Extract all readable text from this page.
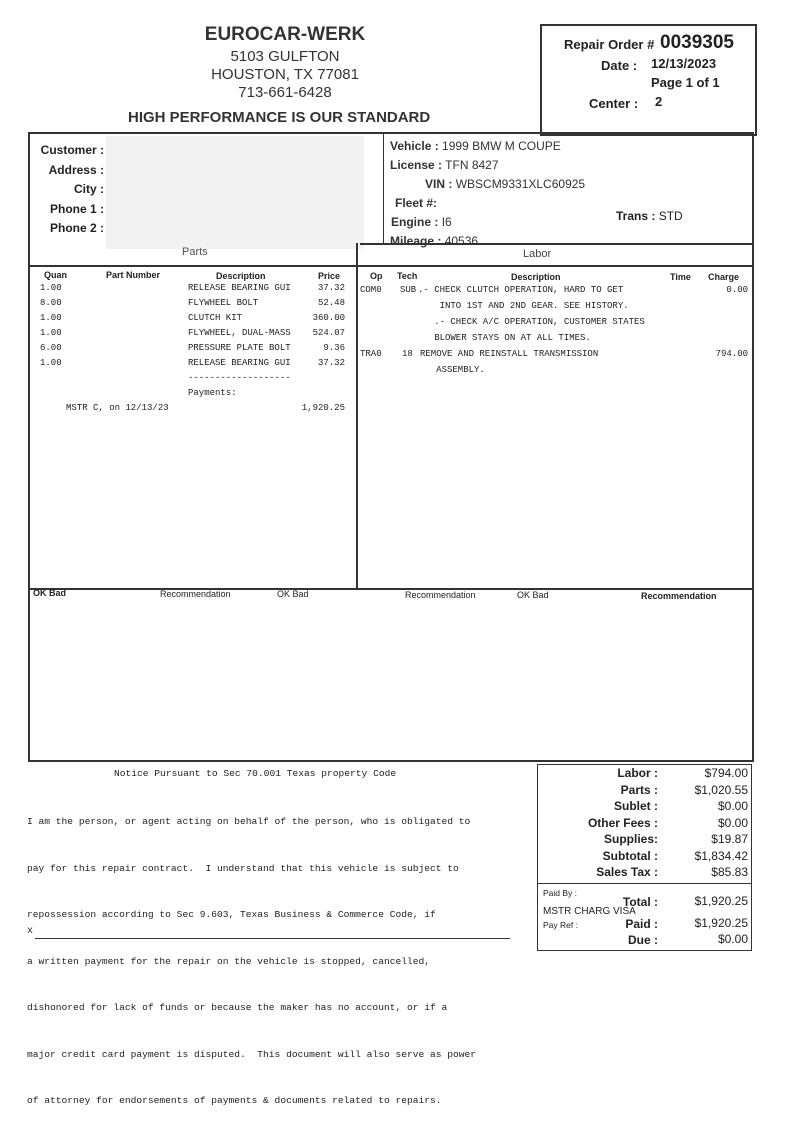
EUROCAR-WERK
5103 GULFTON
HOUSTON, TX 77081
713-661-6428
HIGH PERFORMANCE IS OUR STANDARD
Repair Order # 0039305
Date : 12/13/2023
Page 1 of 1
Center : 2
Customer :
Address :
City :
Phone 1 :
Phone 2 :
Vehicle : 1999 BMW M COUPE
License : TFN 8427
VIN : WBSCM9331XLC60925
Fleet #:
Engine : I6
Mileage : 40536
Trans : STD
Parts	Labor
Quan	Part Number	Description	Price
1.00	RELEASE BEARING GUI	37.32
8.00	FLYWHEEL BOLT	52.48
1.00	CLUTCH KIT	360.00
1.00	FLYWHEEL, DUAL-MASS	524.07
6.00	PRESSURE PLATE BOLT	9.36
1.00	RELEASE BEARING GUI	37.32
-------------------
Payments:
MSTR C, on 12/13/23	1,920.25
Op Tech	Description	Time Charge
COM0 SUB .- CHECK CLUTCH OPERATION, HARD TO GET	0.00
INTO 1ST AND 2ND GEAR. SEE HISTORY.
.- CHECK A/C OPERATION, CUSTOMER STATES
BLOWER STAYS ON AT ALL TIMES.
TRA0 18 REMOVE AND REINSTALL TRANSMISSION	794.00
ASSEMBLY.
OK Bad	Recommendation	OK Bad	Recommendation	OK Bad	Recommendation
Notice Pursuant to Sec 70.001 Texas property Code

I am the person, or agent acting on behalf of the person, who is obligated to

pay for this repair contract.  I understand that this vehicle is subject to

repossession according to Sec 9.603, Texas Business & Commerce Code, if

a written payment for the repair on the vehicle is stopped, cancelled,

dishonored for lack of funds or because the maker has no account, or if a

major credit card payment is disputed.  This document will also serve as power

of attorney for endorsements of payments & documents related to repairs.

x
Labor :	$794.00
Parts :	$1,020.55
Sublet :	$0.00
Other Fees :	$0.00
Supplies:	$19.87
Subtotal :	$1,834.42
Sales Tax :	$85.83
Paid By :
MSTR CHARG VISA
Pay Ref :
Total :	$1,920.25
Paid :	$1,920.25
Due :	$0.00
